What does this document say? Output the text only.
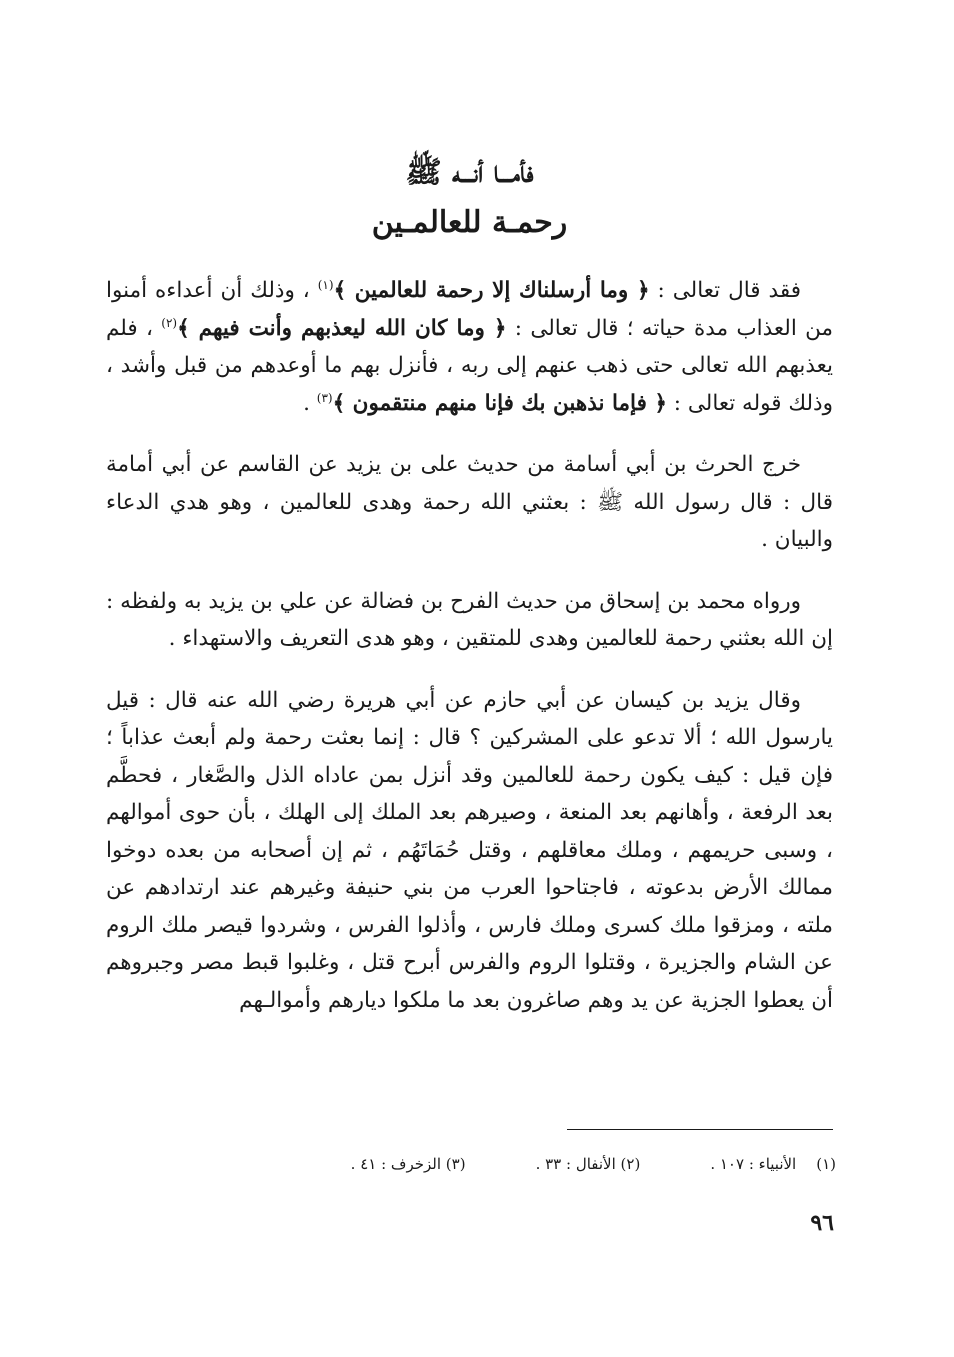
فأمـــا أنـــه ﷺ
رحمـة للعالمـين

فقد قال تعالى : ﴿ وما أرسلناك إلا رحمة للعالمين ﴾$^{(١)}$ ، وذلك أن أعداءه أمنوا من العذاب مدة حياته ؛ قال تعالى : ﴿ وما كان الله ليعذبهم وأنت فيهم ﴾$^{(٢)}$ ، فلم يعذبهم الله تعالى حتى ذهب عنهم إلى ربه ، فأنزل بهم ما أوعدهم من قبل وأشد ، وذلك قوله تعالى : ﴿ فإما نذهبن بك فإنا منهم منتقمون ﴾$^{(٣)}$ .

خرج الحرث بن أبي أسامة من حديث على بن يزيد عن القاسم عن أبي أمامة قال : قال رسول الله ﷺ : بعثني الله رحمة وهدى للعالمين ، وهو هدي الدعاء والبيان .

ورواه محمد بن إسحاق من حديث الفرح بن فضالة عن علي بن يزيد به ولفظه : إن الله بعثني رحمة للعالمين وهدى للمتقين ، وهو هدى التعريف والاستهداء .

وقال يزيد بن كيسان عن أبي حازم عن أبي هريرة رضي الله عنه قال : قيل يارسول الله ؛ ألا تدعو على المشركين ؟ قال : إنما بعثت رحمة ولم أبعث عذاباً ؛ فإن قيل : كيف يكون رحمة للعالمين وقد أنزل بمن عاداه الذل والصَّغار ، فحطَّم بعد الرفعة ، وأهانهم بعد المنعة ، وصيرهم بعد الملك إلى الهلك ، بأن حوى أموالهم ، وسبى حريمهم ، وملك معاقلهم ، وقتل حُمَاتَهُم ، ثم إن أصحابه من بعده دوخوا ممالك الأرض بدعوته ، فاجتاحوا العرب من بني حنيفة وغيرهم عند ارتدادهم عن ملته ، ومزقوا ملك كسرى وملك فارس ، وأذلوا الفرس ، وشردوا قيصر ملك الروم عن الشام والجزيرة ، وقتلوا الروم والفرس أبرح قتل ، وغلبوا قبط مصر وجبروهم أن يعطوا الجزية عن يد وهم صاغرون بعد ما ملكوا ديارهم وأموالـهم

(١)الأنبياء : ١٠٧ .
(٢) الأنفال : ٣٣ .
(٣) الزخرف : ٤١ .
٩٦
